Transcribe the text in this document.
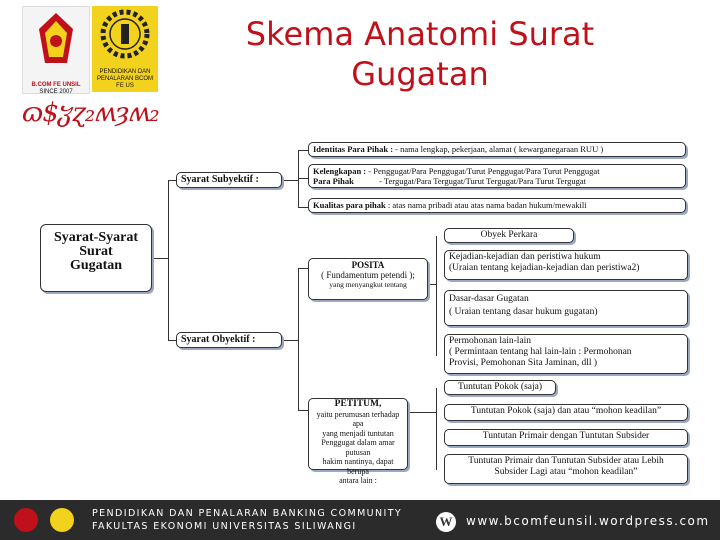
B.COM FE UNSIL
SINCE 2007
PENDIDIKAN DAN PENALARAN BCOM FE US
ɷ$ჳɀ₂ʍȝʍ₂
Skema Anatomi Surat
Gugatan
Syarat-Syarat
Surat
Gugatan
Syarat Subyektif :
Identitas Para Pihak : - nama lengkap, pekerjaan, alamat ( kewarganegaraan RUU )
Kelengkapan : - Penggugat/Para Penggugat/Turut Penggugat/Para Turut Penggugat
Para Pihak	- Tergugat/Para Tergugat/Turut Tergugat/Para Turut Tergugat
Kualitas para pihak : atas nama pribadi atau atas nama badan hukum/mewakili
Syarat Obyektif :
POSITA
( Fundamentum petendi );
yang menyangkut tentang
Obyek Perkara
Kejadian-kejadian dan peristiwa hukum
(Uraian tentang kejadian-kejadian dan peristiwa2)
Dasar-dasar Gugatan
( Uraian tentang dasar hukum gugatan)
Permohonan lain-lain
( Permintaan tentang hal lain-lain : Permohonan
Provisi, Pemohonan Sita Jaminan, dll )
PETITUM,
yaitu perumusan terhadap apa
yang menjadi tuntutan
Penggugat dalam amar putusan
hakim nantinya, dapat berupa
antara lain :
Tuntutan Pokok (saja)
Tuntutan Pokok (saja) dan atau “mohon keadilan”
Tuntutan Primair dengan Tuntutan Subsider
Tuntutan Primair dan Tuntutan Subsider atau Lebih
Subsider Lagi atau “mohon keadilan”
PENDIDIKAN DAN PENALARAN BANKING COMMUNITY
FAKULTAS EKONOMI UNIVERSITAS SILIWANGI	W www.bcomfeunsil.wordpress.com
